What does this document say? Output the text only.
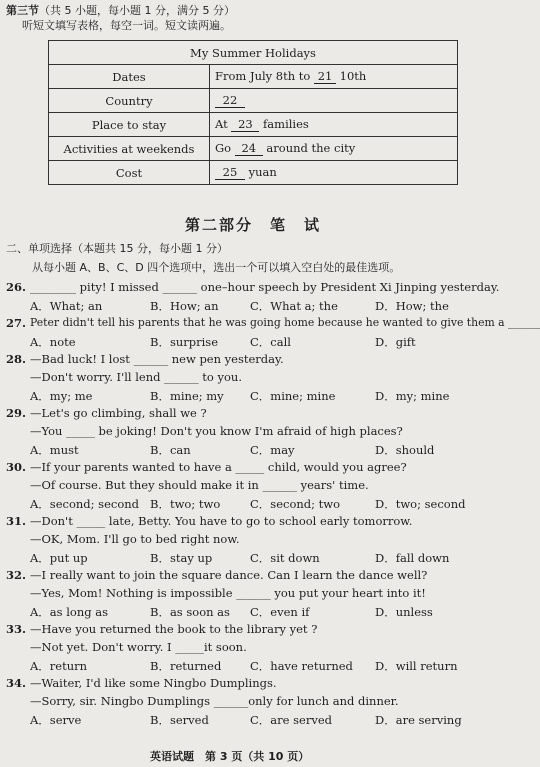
第三节（共 5 小题，每小题 1 分，满分 5 分）
听短文填写表格，每空一词。短文读两遍。
My Summer Holidays	
Dates	From July 8th to 21 10th
Country	22
Place to stay	At 23 families
Activities at weekends	Go 24 around the city
Cost	25 yuan
第二部分　笔　试
二、单项选择（本题共 15 分，每小题 1 分）
从每小题 A、B、C、D 四个选项中，选出一个可以填入空白处的最佳选项。
26. ________ pity! I missed ______ one–hour speech by President Xi Jinping yesterday.
A．What; an	B．How; an	C．What a; the	D．How; the
27. Peter didn't tell his parents that he was going home because he wanted to give them a ______
A．note	B．surprise	C．call	D．gift
28. —Bad luck! I lost ______ new pen yesterday.
—Don't worry. I'll lend ______ to you.
A．my; me	B．mine; my C．mine; mine	D．my; mine
29. —Let's go climbing, shall we ?
—You _____ be joking! Don't you know I'm afraid of high places?
A．must	B．can	C．may	D．should
30. —If your parents wanted to have a _____ child, would you agree?
—Of course. But they should make it in ______ years' time.
A．second; second B．two; two	C．second; two	D．two; second
31. —Don't _____ late, Betty. You have to go to school early tomorrow.
—OK, Mom. I'll go to bed right now.
A．put up	B．stay up	C．sit down	D．fall down
32. —I really want to join the square dance. Can I learn the dance well?
—Yes, Mom! Nothing is impossible ______ you put your heart into it!
A．as long as	B．as soon as C．even if	D．unless
33. —Have you returned the book to the library yet ?
—Not yet. Don't worry. I _____it soon.
A．return	B．returned C．have returned D．will return
34. —Waiter, I'd like some Ningbo Dumplings.
—Sorry, sir. Ningbo Dumplings ______only for lunch and dinner.
A．serve	B．served	C．are served	D．are serving
英语试题　第 3 页（共 10 页）
